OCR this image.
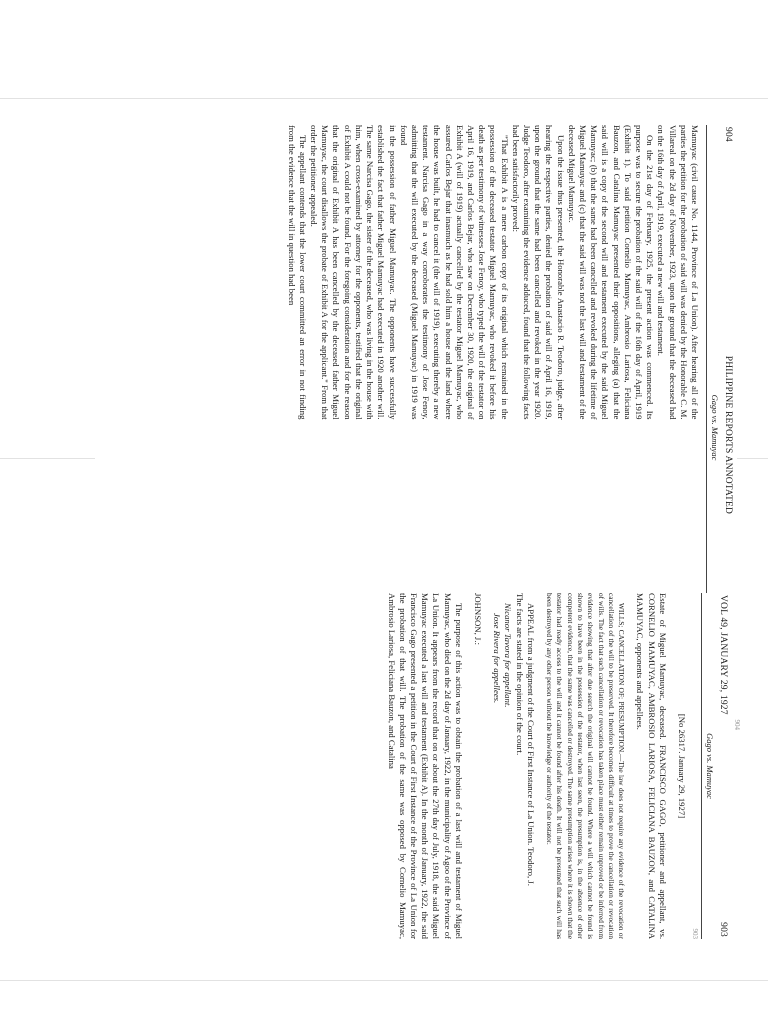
904
904
PHILIPPINE REPORTS ANNOTATED
Gago vs. Mamuyac

Mamuyac (civil cause No. 1144, Province of La Union). After hearing all of the parties the petition for the probation of said will was denied by the Honorable C. M. Villareal on the 2d day of November, 1923, upon the ground that the deceased had on the 16th day of April, 1919, executed a new will and testament.

On the 21st day of February, 1925, the present action was commenced. Its purpose was to secure the probation of the said will of the 16th day of April, 1919 (Exhibit 1). To said petition Cornelio Mamuyac, Ambrosio Lariosa, Feliciana Bauzon, and Catalina Mamuyac presented their oppositions, alleging (a) that the said will is a copy of the second will and testament executed by the said Miguel Mamuyac; (b) that the same had been cancelled and revoked during the lifetime of Miguel Mamuyac and (c) that the said will was not the last will and testament of the deceased Miguel Mamuyac.

Upon the issue thus presented, the Honorable Anastacio R. Teodoro, judge, after hearing the respective parties, denied the probation of said will of April 16, 1919, upon the ground that the same had been cancelled and revoked in the year 1920. Judge Teodoro, after examining the evidence adduced, found that the following facts had been satisfactorily proved:

"That Exhibit A is a mere carbon copy of its original which remained in the possession of the deceased testator Miguel Mamuyac, who revoked it before his death as per testimony of witnesses Jose Fenoy, who typed the will of the testator on April 16, 1919, and Carlos Bejar, who saw on December 30, 1920, the original of Exhibit A (will of 1919) actually cancelled by the testator Miguel Mamuyac, who assured Carlos Bejar that inasmuch as he had sold him a house and the land where the house was built, he had to cancel it (the will of 1919), executing thereby a new testament. Narcisa Gago in a way corroborates the testimony of Jose Fenoy, admitting that the will executed by the deceased (Miguel Mamuyac) in 1919 was found

in the possession of father Miguel Mamuyac. The opponents have successfully established the fact that father Miguel Mamuyac had executed in 1920 another will. The same Narcisa Gago, the sister of the deceased, who was living in the house with him, when cross-examined by attorney for the opponents, testified that the original of Exhibit A could not be found. For the foregoing consideration and for the reason that the original of Exhibit A has been cancelled by the deceased father Miguel Mamuyac, the court disallows the probate of Exhibit A for the applicant." From that order the petitioner appealed.

The appellant contends that the lower court committed an error in not finding from the evidence that the will in question had been

VOL 49, JANUARY 29, 1927
903
Gago vs. Mamuyac
903

[No 26317. January 29, 1927]

Estate of Miguel Mamuyac, deceased. FRANCISCO GAGO, petitioner and appellant, vs. CORNELIO MAMUYAC, AMBROSIO LARIOSA, FELICIANA BAUZON, and CATALINA MAMUYAC, opponents and appellees.

WILLS; CANCELLATION OF; PRESUMPTION.—The law does not require any evidence of the revocation or cancellation of the will to be preserved. It therefore becomes difficult at times to prove the cancellation or revocation of wills. The fact that such cancellation or revocation has taken place must either remain unproved or be inferred from evidence showing that after due search the original will cannot be found. Where a will which cannot be found is shown to have been in the possession of the testator, when last seen, the presumption is, in the absence of other competent evidence, that the same was cancelled or destroyed. The same presumption arises where it is shown that the testator had ready access to the will and it cannot be found after his death. It will not be presumed that such will has been destroyed by any other person without the knowledge or authority of the testator.

APPEAL from a judgment of the Court of First Instance of La Union. Teodoro, J.

The facts are stated in the opinion of the court.

Nicanor Tavora for appellant.

Jose Rivera for appellees.

JOHNSON, J.:

The purpose of this action was to obtain the probation of a last will and testament of Miguel Mamuyac, who died on the 2d day of January, 1922, in the municipality of Agoo of the Province of La Union. It appears from the record that on or about the 27th day of July, 1918, the said Miguel Mamuyac executed a last will and testament (Exhibit A). In the month of January, 1922, the said Francisco Gago presented a petition in the Court of First Instance of the Province of La Union for the probation of that will. The probation of the same was opposed by Cornelio Mamuyac, Ambrosio Lariosa, Feliciana Bauzon, and Catalina
